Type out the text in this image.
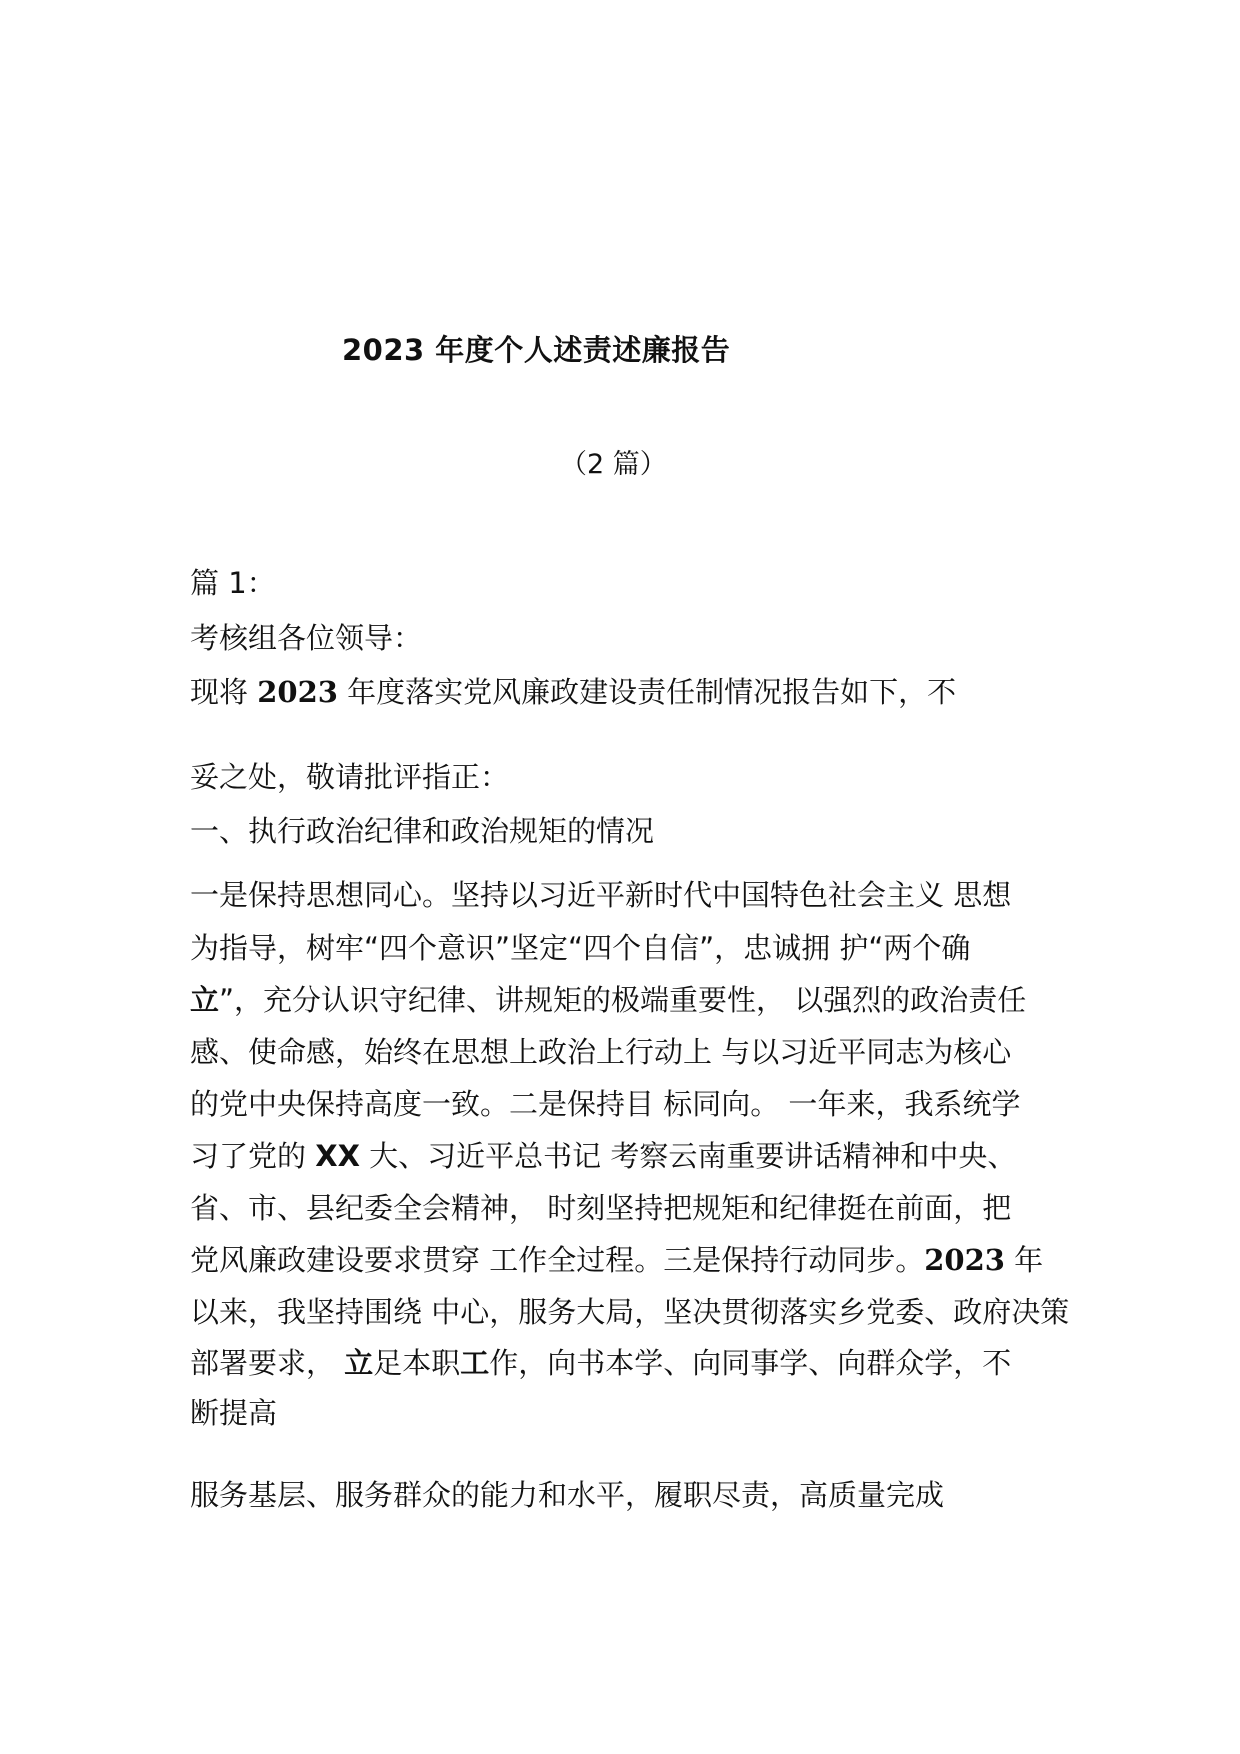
2023 年度个人述责述廉报告

（2 篇）

篇 1：

考核组各位领导：

现将 2023 年度落实党风廉政建设责任制情况报告如下，不

妥之处，敬请批评指正：

一、执行政治纪律和政治规矩的情况

一是保持思想同心。坚持以习近平新时代中国特色社会主义 思想

为指导，树牢“四个意识”坚定“四个自信”，忠诚拥 护“两个确

立”，充分认识守纪律、讲规矩的极端重要性， 以强烈的政治责任

感、使命感，始终在思想上政治上行动上 与以习近平同志为核心

的党中央保持高度一致。二是保持目 标同向。 一年来，我系统学

习了党的 XX 大、习近平总书记 考察云南重要讲话精神和中央、

省、市、县纪委全会精神， 时刻坚持把规矩和纪律挺在前面，把

党风廉政建设要求贯穿 工作全过程。三是保持行动同步。2023 年

以来，我坚持围绕 中心，服务大局，坚决贯彻落实乡党委、政府决策

部署要求， 立足本职工作，向书本学、向同事学、向群众学，不

断提高

服务基层、服务群众的能力和水平，履职尽责，高质量完成
